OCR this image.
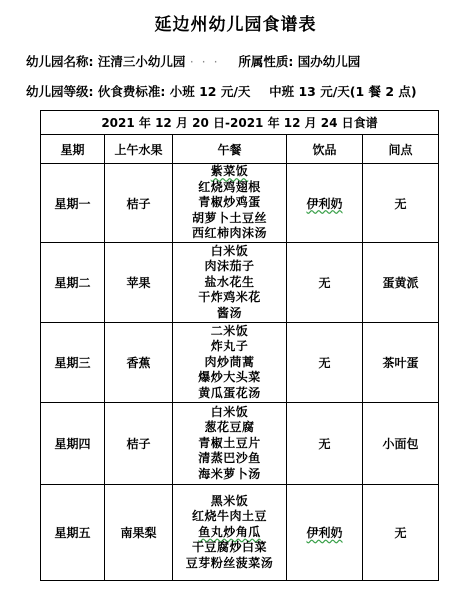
延边州幼儿园食谱表
幼儿园名称: 汪清三小幼儿园 · · · 所属性质: 国办幼儿园
幼儿园等级: 伙食费标准: 小班 12 元/天 中班 13 元/天(1 餐 2 点)
2021 年 12 月 20 日-2021 年 12 月 24 日食谱				
星期	上午水果	午餐	饮品	间点
星期一	桔子	紫菜饭
红烧鸡翅根
青椒炒鸡蛋
胡萝卜土豆丝
西红柿肉沫汤	伊利奶	无
星期二	苹果	白米饭
肉沫茄子
盐水花生
干炸鸡米花
酱汤	无	蛋黄派
星期三	香蕉	二米饭
炸丸子
肉炒茼蒿
爆炒大头菜
黄瓜蛋花汤	无	茶叶蛋
星期四	桔子	白米饭
葱花豆腐
青椒土豆片
清蒸巴沙鱼
海米萝卜汤	无	小面包
星期五	南果梨	黑米饭
红烧牛肉土豆
鱼丸炒角瓜
干豆腐炒白菜
豆芽粉丝菠菜汤	伊利奶	无
